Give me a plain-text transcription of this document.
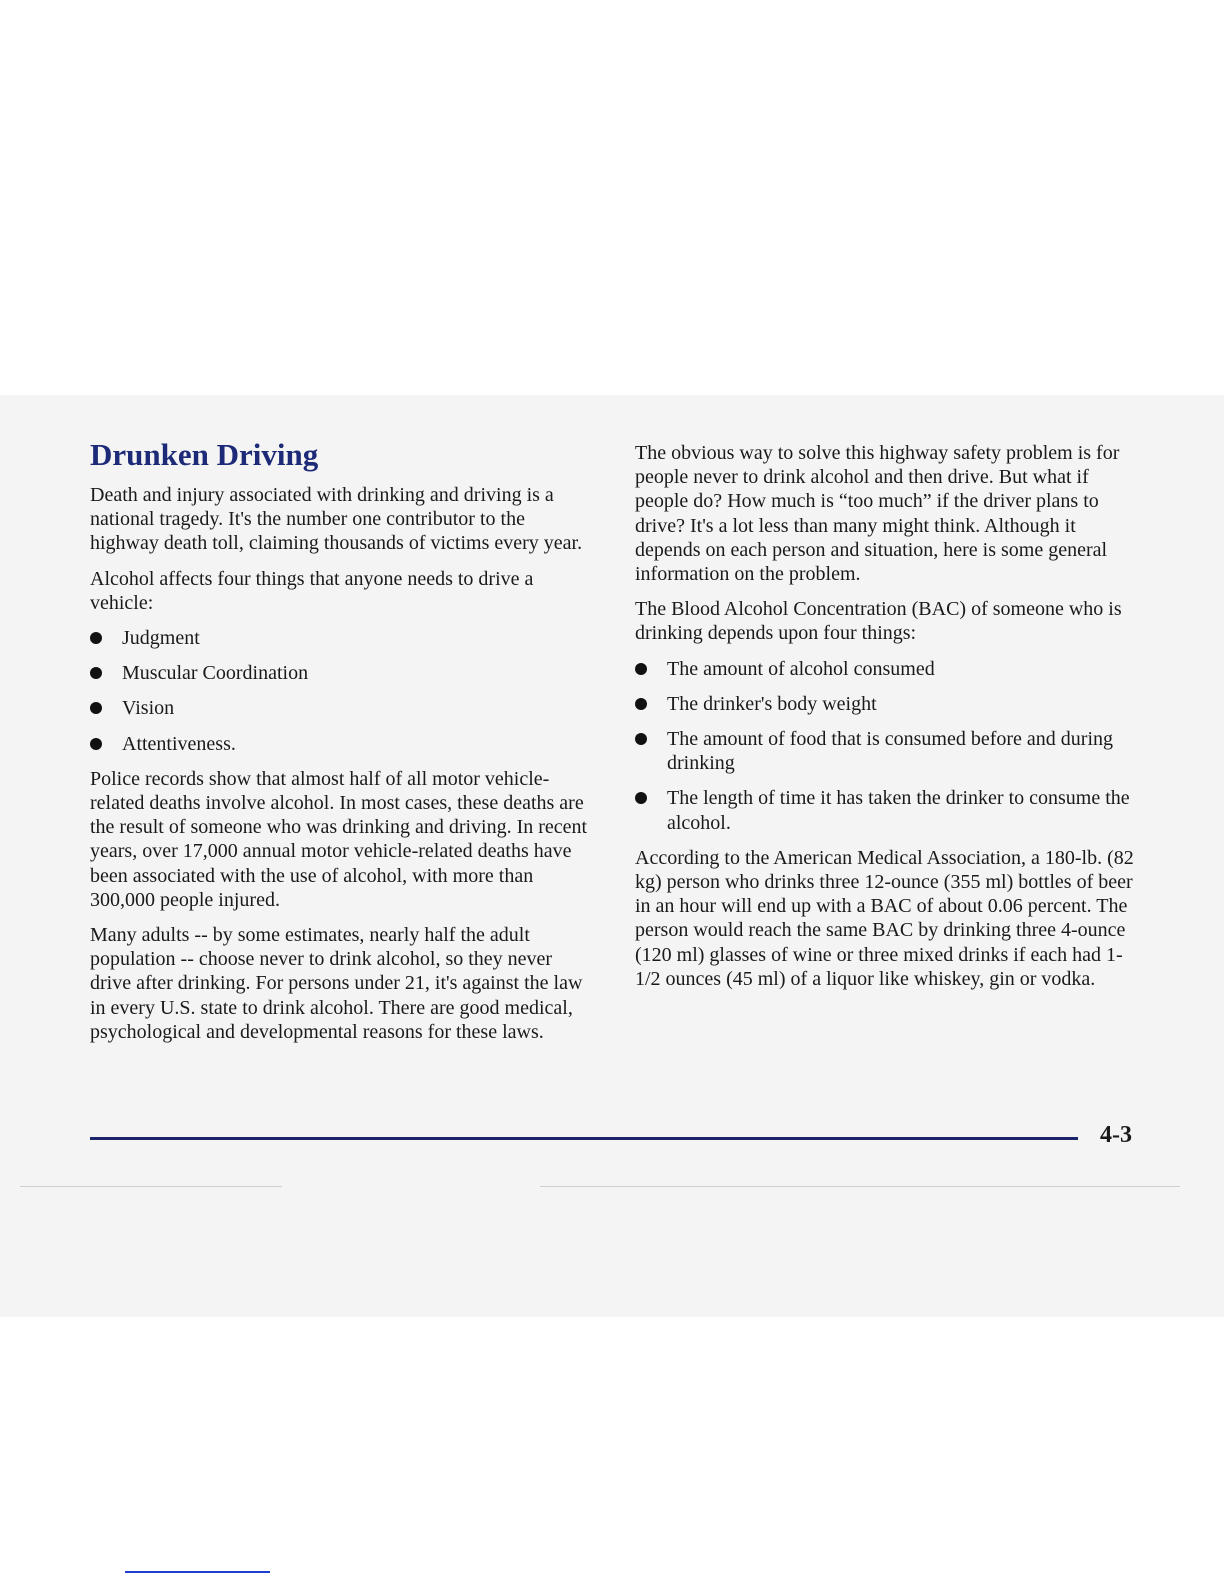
Drunken Driving

Death and injury associated with drinking and driving is a national tragedy. It's the number one contributor to the highway death toll, claiming thousands of victims every year.

Alcohol affects four things that anyone needs to drive a vehicle:

Judgment
Muscular Coordination
Vision
Attentiveness.

Police records show that almost half of all motor vehicle-related deaths involve alcohol. In most cases, these deaths are the result of someone who was drinking and driving. In recent years, over 17,000 annual motor vehicle-related deaths have been associated with the use of alcohol, with more than 300,000 people injured.

Many adults -- by some estimates, nearly half the adult population -- choose never to drink alcohol, so they never drive after drinking. For persons under 21, it's against the law in every U.S. state to drink alcohol. There are good medical, psychological and developmental reasons for these laws.

The obvious way to solve this highway safety problem is for people never to drink alcohol and then drive. But what if people do? How much is “too much” if the driver plans to drive? It's a lot less than many might think. Although it depends on each person and situation, here is some general information on the problem.

The Blood Alcohol Concentration (BAC) of someone who is drinking depends upon four things:

The amount of alcohol consumed
The drinker's body weight
The amount of food that is consumed before and during drinking
The length of time it has taken the drinker to consume the alcohol.

According to the American Medical Association, a 180-lb. (82 kg) person who drinks three 12-ounce (355 ml) bottles of beer in an hour will end up with a BAC of about 0.06 percent. The person would reach the same BAC by drinking three 4-ounce (120 ml) glasses of wine or three mixed drinks if each had 1-1/2 ounces (45 ml) of a liquor like whiskey, gin or vodka.

4-3
